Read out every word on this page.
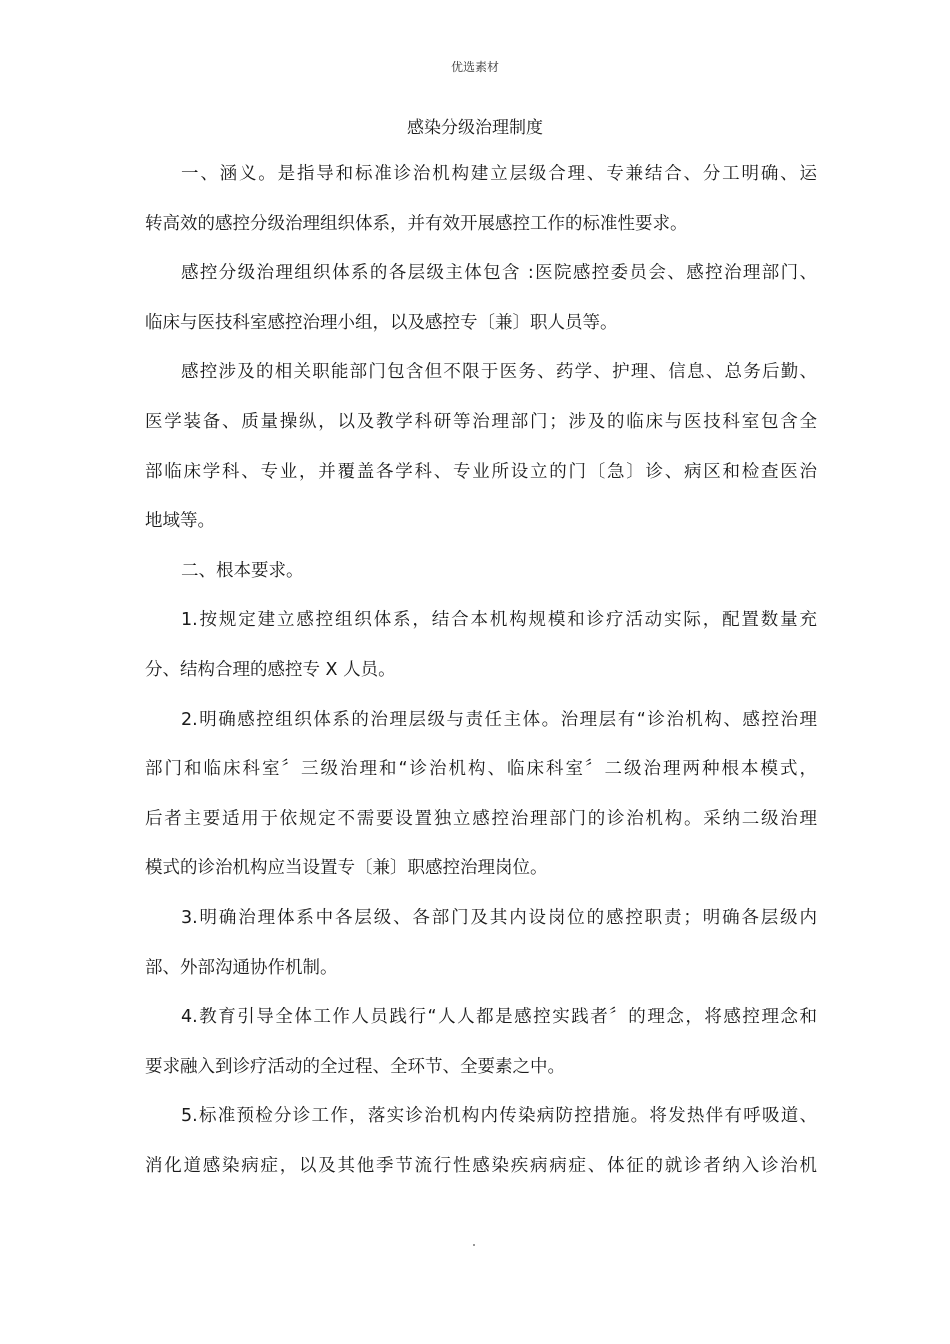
优选素材
感染分级治理制度
一、涵义。是指导和标准诊治机构建立层级合理、专兼结合、分工明确、运
转高效的感控分级治理组织体系，并有效开展感控工作的标准性要求。
感控分级治理组织体系的各层级主体包含 :医院感控委员会、感控治理部门、
临床与医技科室感控治理小组，以及感控专〔兼〕职人员等。
感控涉及的相关职能部门包含但不限于医务、药学、护理、信息、总务后勤、
医学装备、质量操纵，以及教学科研等治理部门；涉及的临床与医技科室包含全
部临床学科、专业，并覆盖各学科、专业所设立的门〔急〕诊、病区和检查医治
地域等。
二、根本要求。
1.按规定建立感控组织体系，结合本机构规模和诊疗活动实际，配置数量充
分、结构合理的感控专 X 人员。
2.明确感控组织体系的治理层级与责任主体。治理层有“诊治机构、感控治理
部门和临床科室〞三级治理和“诊治机构、临床科室〞二级治理两种根本模式，
后者主要适用于依规定不需要设置独立感控治理部门的诊治机构。采纳二级治理
模式的诊治机构应当设置专〔兼〕职感控治理岗位。
3.明确治理体系中各层级、各部门及其内设岗位的感控职责；明确各层级内
部、外部沟通协作机制。
4.教育引导全体工作人员践行“人人都是感控实践者〞的理念，将感控理念和
要求融入到诊疗活动的全过程、全环节、全要素之中。
5.标准预检分诊工作，落实诊治机构内传染病防控措施。将发热伴有呼吸道、
消化道感染病症，以及其他季节流行性感染疾病病症、体征的就诊者纳入诊治机
